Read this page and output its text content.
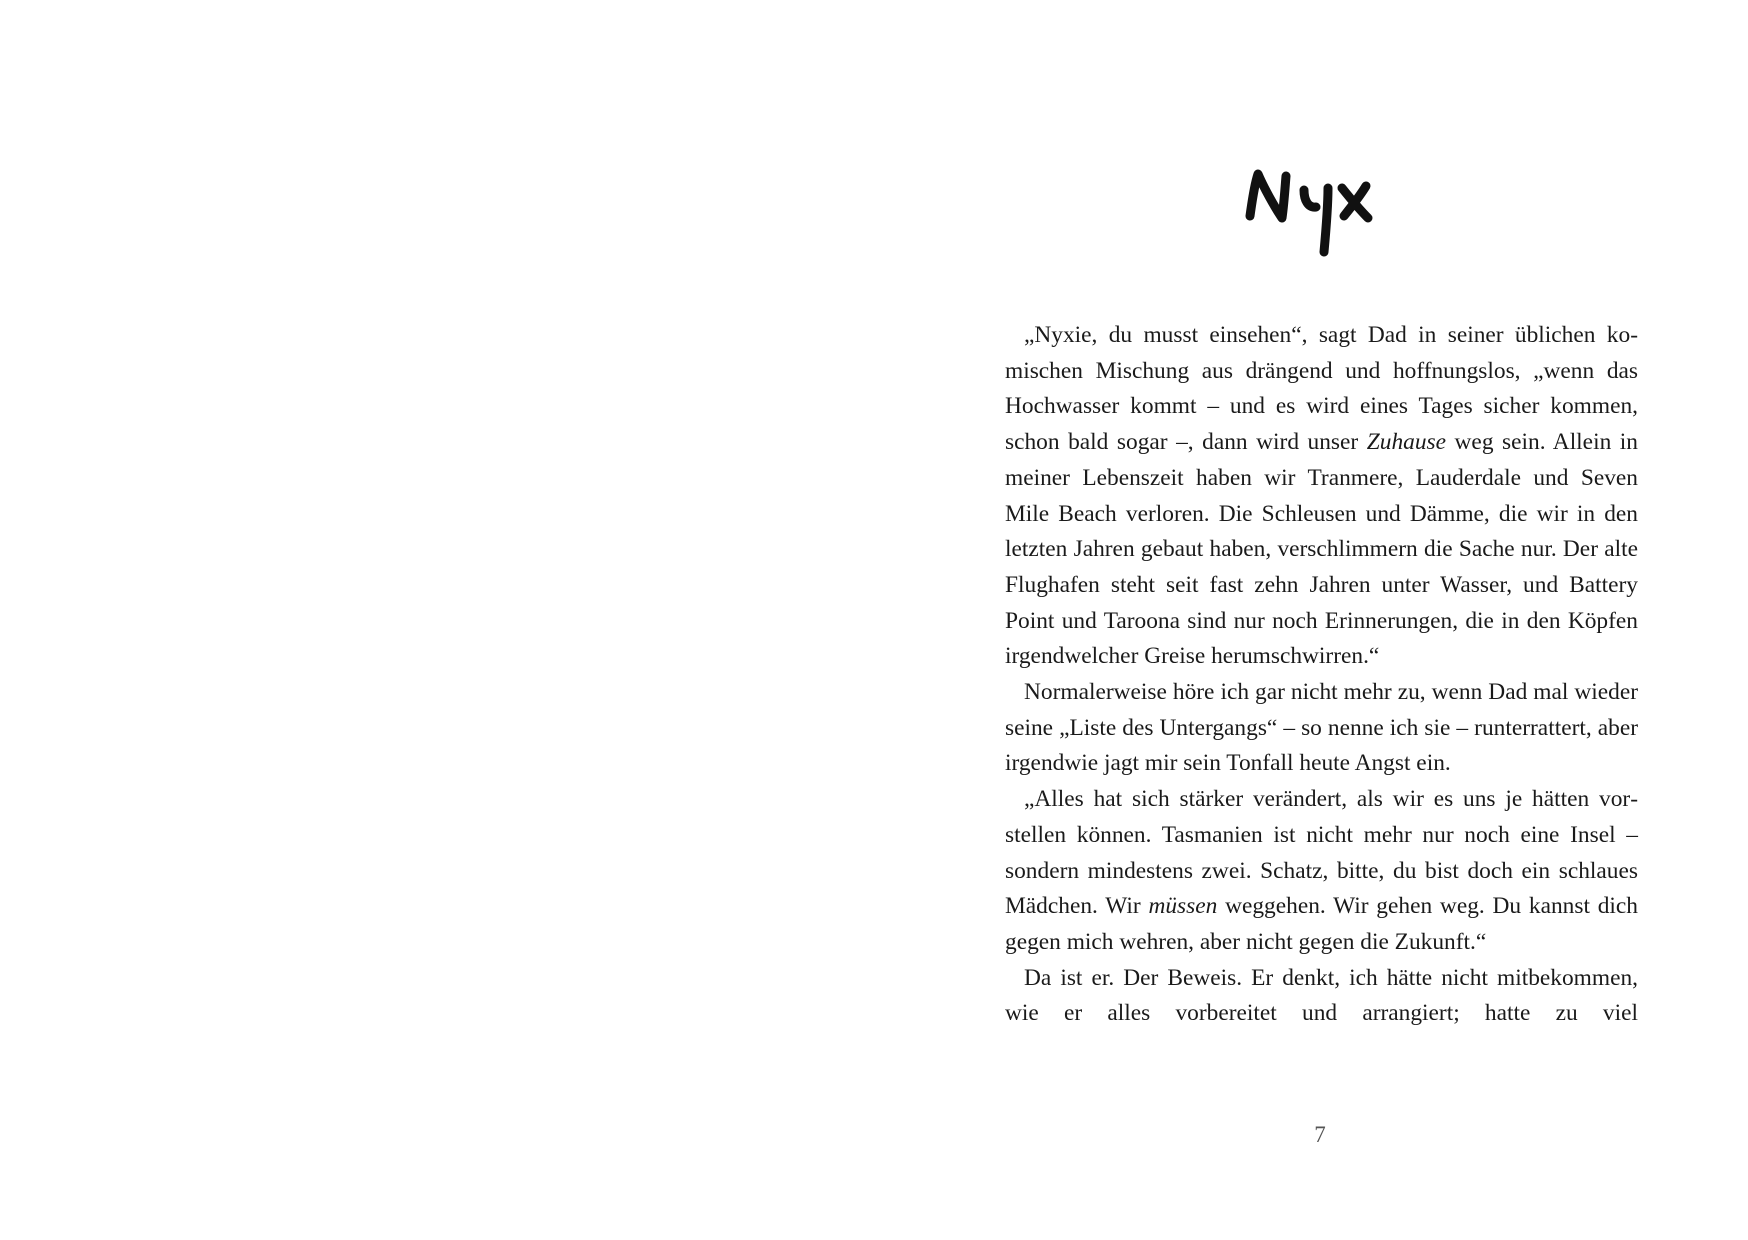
„Nyxie, du musst einsehen“, sagt Dad in seiner üblichen komischen Mischung aus drängend und hoffnungslos, „wenn das Hochwasser kommt – und es wird eines Tages sicher kommen, schon bald sogar –, dann wird unser Zuhause weg sein. Allein in meiner Lebenszeit haben wir Tranmere, Lauderdale und Seven Mile Beach verloren. Die Schleusen und Dämme, die wir in den letzten Jahren gebaut haben, verschlimmern die Sache nur. Der alte Flughafen steht seit fast zehn Jahren unter Wasser, und Battery Point und Taroona sind nur noch Erinnerungen, die in den Köpfen irgendwelcher Greise herumschwirren.“

Normalerweise höre ich gar nicht mehr zu, wenn Dad mal wieder seine „Liste des Untergangs“ – so nenne ich sie – runterrattert, aber irgendwie jagt mir sein Tonfall heute Angst ein.

„Alles hat sich stärker verändert, als wir es uns je hätten vorstellen können. Tasmanien ist nicht mehr nur noch eine Insel – sondern mindestens zwei. Schatz, bitte, du bist doch ein schlaues Mädchen. Wir müssen weggehen. Wir gehen weg. Du kannst dich gegen mich wehren, aber nicht gegen die Zukunft.“

Da ist er. Der Beweis. Er denkt, ich hätte nicht mitbekommen, wie er alles vorbereitet und arrangiert; hatte zu viel

7
